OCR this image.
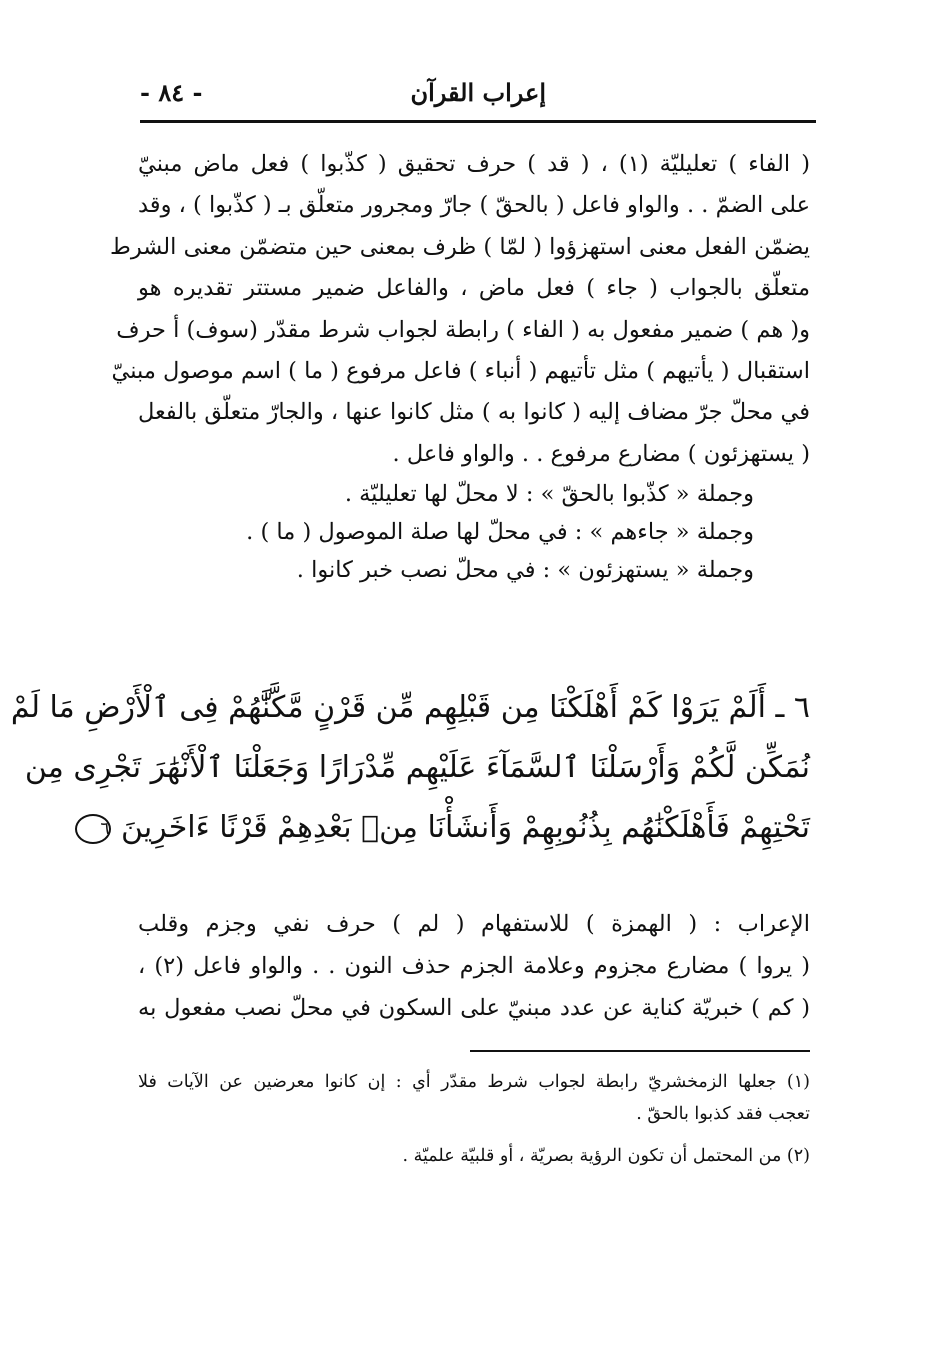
إعراب القرآن
- ٨٤ -
( الفاء ) تعليليّة (١) ، ( قد ) حرف تحقيق ( كذّبوا ) فعل ماض مبنيّ
على الضمّ . . والواو فاعل ( بالحقّ ) جارّ ومجرور متعلّق بـ ( كذّبوا ) ، وقد
يضمّن الفعل معنى استهزؤوا ( لمّا ) ظرف بمعنى حين متضمّن معنى الشرط
متعلّق بالجواب ( جاء ) فعل ماض ، والفاعل ضمير مستتر تقديره هو
و( هم ) ضمير مفعول به ( الفاء ) رابطة لجواب شرط مقدّر (سوف) أ حرف
استقبال ( يأتيهم ) مثل تأتيهم ( أنباء ) فاعل مرفوع ( ما ) اسم موصول مبنيّ
في محلّ جرّ مضاف إليه ( كانوا به ) مثل كانوا عنها ، والجارّ متعلّق بالفعل
( يستهزئون ) مضارع مرفوع . . والواو فاعل .
وجملة « كذّبوا بالحقّ » : لا محلّ لها تعليليّة .
وجملة « جاءهم » : في محلّ لها صلة الموصول ( ما ) .
وجملة « يستهزئون » : في محلّ نصب خبر كانوا .
٦ ـ أَلَمْ يَرَوْا كَمْ أَهْلَكْنَا مِن قَبْلِهِم مِّن قَرْنٍ مَّكَّنَّٰهُمْ فِى ٱلْأَرْضِ مَا لَمْ
نُمَكِّن لَّكُمْ وَأَرْسَلْنَا ٱلسَّمَآءَ عَلَيْهِم مِّدْرَارًا وَجَعَلْنَا ٱلْأَنْهَٰرَ تَجْرِى مِن
تَحْتِهِمْ فَأَهْلَكْنَٰهُم بِذُنُوبِهِمْ وَأَنشَأْنَا مِنۢ بَعْدِهِمْ قَرْنًا ءَاخَرِينَ ٦
الإعراب : ( الهمزة ) للاستفهام ( لم ) حرف نفي وجزم وقلب
( يروا ) مضارع مجزوم وعلامة الجزم حذف النون . . والواو فاعل (٢) ،
( كم ) خبريّة كناية عن عدد مبنيّ على السكون في محلّ نصب مفعول به
(١) جعلها الزمخشريّ رابطة لجواب شرط مقدّر أي : إن كانوا معرضين عن الآيات فلا
تعجب فقد كذبوا بالحقّ .
(٢) من المحتمل أن تكون الرؤية بصريّة ، أو قلبيّة علميّة .
